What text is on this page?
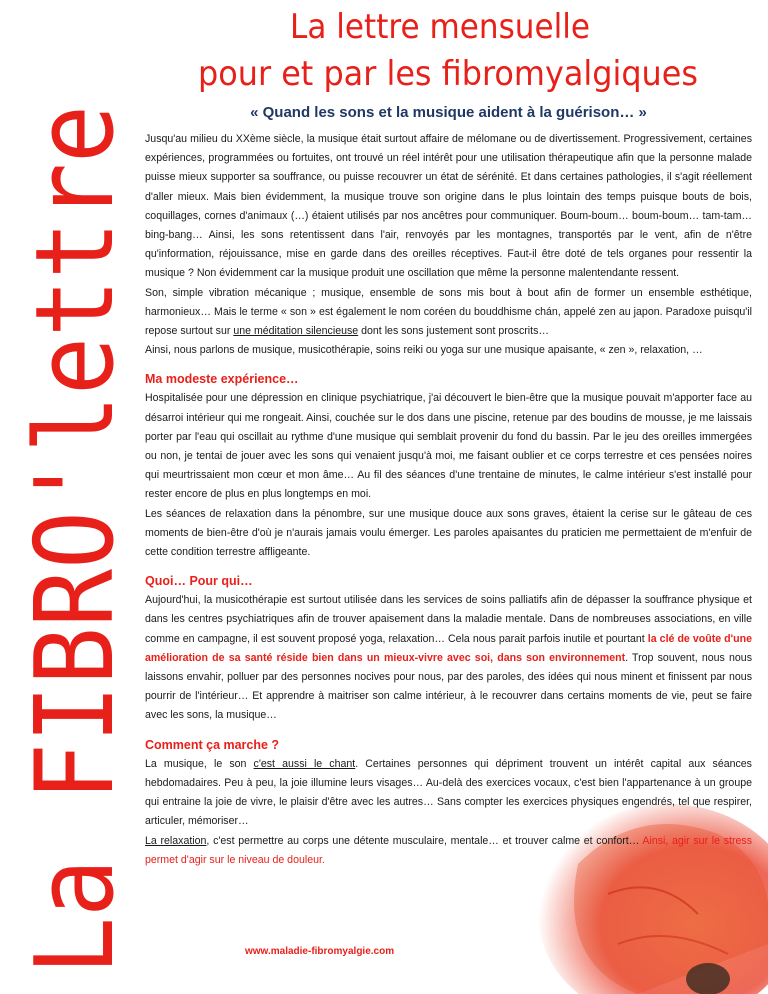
La FIBRO'lettre	La lettre mensuelle
pour et par les fibromyalgiques
« Quand les sons et la musique aident à la guérison… »

Jusqu'au milieu du XXème siècle, la musique était surtout affaire de mélomane ou de divertissement. Progressivement, certaines expériences, programmées ou fortuites, ont trouvé un réel intérêt pour une utilisation thérapeutique afin que la personne malade puisse mieux supporter sa souffrance, ou puisse recouvrer un état de sérénité. Et dans certaines pathologies, il s'agit réellement d'aller mieux. Mais bien évidemment, la musique trouve son origine dans le plus lointain des temps puisque bouts de bois, coquillages, cornes d'animaux (…) étaient utilisés par nos ancêtres pour communiquer. Boum-boum… boum-boum… tam-tam… bing-bang… Ainsi, les sons retentissent dans l'air, renvoyés par les montagnes, transportés par le vent, afin de n'être qu'information, réjouissance, mise en garde dans des oreilles réceptives. Faut-il être doté de tels organes pour ressentir la musique ? Non évidemment car la musique produit une oscillation que même la personne malentendante ressent.

Son, simple vibration mécanique ; musique, ensemble de sons mis bout à bout afin de former un ensemble esthétique, harmonieux… Mais le terme « son » est également le nom coréen du bouddhisme chán, appelé zen au japon. Paradoxe puisqu'il repose surtout sur une méditation silencieuse dont les sons justement sont proscrits…

Ainsi, nous parlons de musique, musicothérapie, soins reiki ou yoga sur une musique apaisante, « zen », relaxation, …

Ma modeste expérience…

Hospitalisée pour une dépression en clinique psychiatrique, j'ai découvert le bien-être que la musique pouvait m'apporter face au désarroi intérieur qui me rongeait. Ainsi, couchée sur le dos dans une piscine, retenue par des boudins de mousse, je me laissais porter par l'eau qui oscillait au rythme d'une musique qui semblait provenir du fond du bassin. Par le jeu des oreilles immergées ou non, je tentai de jouer avec les sons qui venaient jusqu'à moi, me faisant oublier et ce corps terrestre et ces pensées noires qui meurtrissaient mon cœur et mon âme… Au fil des séances d'une trentaine de minutes, le calme intérieur s'est installé pour rester encore de plus en plus longtemps en moi.

Les séances de relaxation dans la pénombre, sur une musique douce aux sons graves, étaient la cerise sur le gâteau de ces moments de bien-être d'où je n'aurais jamais voulu émerger. Les paroles apaisantes du praticien me permettaient de m'enfuir de cette condition terrestre affligeante.

Quoi… Pour qui…

Aujourd'hui, la musicothérapie est surtout utilisée dans les services de soins palliatifs afin de dépasser la souffrance physique et dans les centres psychiatriques afin de trouver apaisement dans la maladie mentale. Dans de nombreuses associations, en ville comme en campagne, il est souvent proposé yoga, relaxation… Cela nous parait parfois inutile et pourtant la clé de voûte d'une amélioration de sa santé réside bien dans un mieux-vivre avec soi, dans son environnement. Trop souvent, nous nous laissons envahir, polluer par des personnes nocives pour nous, par des paroles, des idées qui nous minent et finissent par nous pourrir de l'intérieur… Et apprendre à maitriser son calme intérieur, à le recouvrer dans certains moments de vie, peut se faire avec les sons, la musique…

Comment ça marche ?

La musique, le son c'est aussi le chant. Certaines personnes qui dépriment trouvent un intérêt capital aux séances hebdomadaires. Peu à peu, la joie illumine leurs visages… Au-delà des exercices vocaux, c'est bien l'appartenance à un groupe qui entraine la joie de vivre, le plaisir d'être avec les autres… Sans compter les exercices physiques engendrés, tel que respirer, articuler, mémoriser…

La relaxation, c'est permettre au corps une détente musculaire, mentale… et trouver calme et confort… Ainsi, agir sur le stress permet d'agir sur le niveau de douleur.

www.maladie-fibromyalgie.com
